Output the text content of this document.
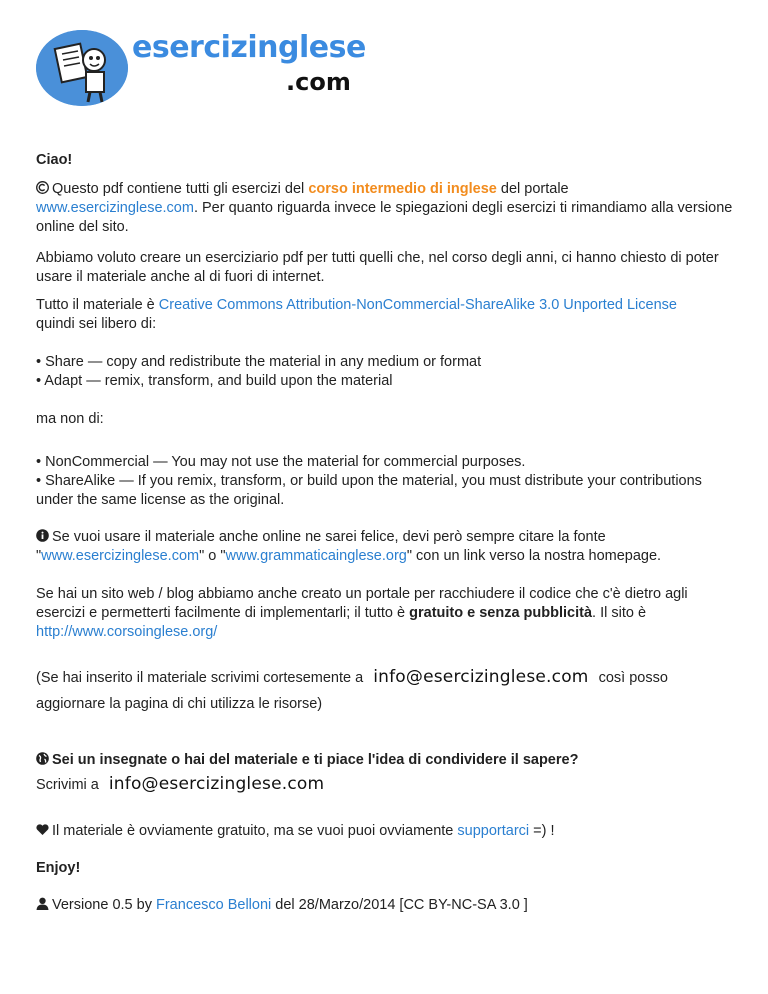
esercizinglese
.com

Ciao!

Questo pdf contiene tutti gli esercizi del corso intermedio di inglese del portale
www.esercizinglese.com. Per quanto riguarda invece le spiegazioni degli esercizi ti rimandiamo alla versione online del sito.

Abbiamo voluto creare un eserciziario pdf per tutti quelli che, nel corso degli anni, ci hanno chiesto di poter usare il materiale anche al di fuori di internet.

Tutto il materiale è Creative Commons Attribution-NonCommercial-ShareAlike 3.0 Unported License
quindi sei libero di:

• Share — copy and redistribute the material in any medium or format
• Adapt — remix, transform, and build upon the material

ma non di:

• NonCommercial — You may not use the material for commercial purposes.
• ShareAlike — If you remix, transform, or build upon the material, you must distribute your contributions under the same license as the original.

Se vuoi usare il materiale anche online ne sarei felice, devi però sempre citare la fonte
"www.esercizinglese.com" o "www.grammaticainglese.org" con un link verso la nostra homepage.

Se hai un sito web / blog abbiamo anche creato un portale per racchiudere il codice che c'è dietro agli esercizi e permetterti facilmente di implementarli; il tutto è gratuito e senza pubblicità. Il sito è
http://www.corsoinglese.org/

(Se hai inserito il materiale scrivimi cortesemente a info@esercizinglese.com così posso

aggiornare la pagina di chi utilizza le risorse)

Sei un insegnate o hai del materiale e ti piace l'idea di condividere il sapere?

Scrivimi a info@esercizinglese.com

Il materiale è ovviamente gratuito, ma se vuoi puoi ovviamente supportarci =) !

Enjoy!

Versione 0.5 by Francesco Belloni del 28/Marzo/2014 [CC BY-NC-SA 3.0 ]
